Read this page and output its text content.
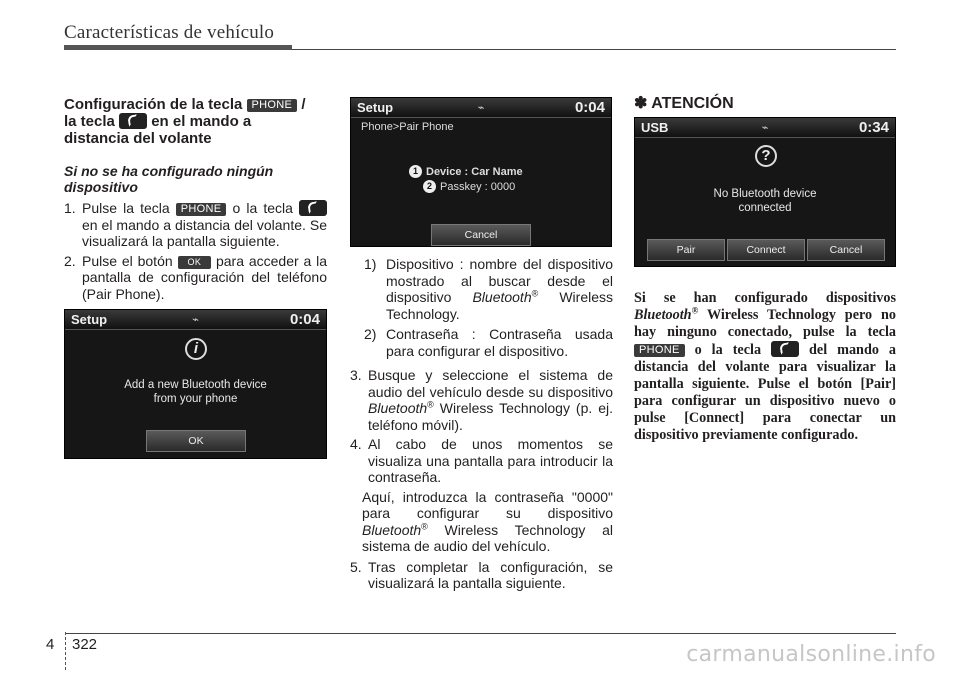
Características de vehículo
Configuración de la tecla PHONE /
la tecla en el mando a
distancia del volante
Si no se ha configurado ningún dispositivo
1. Pulse la tecla PHONE o la tecla
en el mando a distancia del volante. Se visualizará la pantalla siguiente.
2. Pulse el botón OK para acceder a la pantalla de configuración del teléfono (Pair Phone).
Setup	⌁	0:04
i
Add a new Bluetooth device
from your phone
OK
Setup	⌁	0:04
Phone>Pair Phone
1 Device : Car Name
2 Passkey : 0000
Cancel
1) Dispositivo : nombre del dispositivo mostrado al buscar desde el dispositivo Bluetooth® Wireless Technology.
2) Contraseña : Contraseña usada para configurar el dispositivo.
3. Busque y seleccione el sistema de audio del vehículo desde su dispositivo Bluetooth® Wireless Technology (p. ej. teléfono móvil).
4. Al cabo de unos momentos se visualiza una pantalla para introducir la contraseña.
Aquí, introduzca la contraseña "0000" para configurar su dispositivo Bluetooth® Wireless Technology al sistema de audio del vehículo.
5. Tras completar la configuración, se visualizará la pantalla siguiente.
✽ ATENCIÓN
USB	⌁	0:34
?
No Bluetooth device
connected
Pair	Connect	Cancel
Si se han configurado dispositivos Bluetooth® Wireless Technology pero no hay ninguno conectado, pulse la tecla PHONE o la tecla	del mando a distancia del volante para visualizar la pantalla siguiente. Pulse el botón [Pair] para configurar un dispositivo nuevo o pulse [Connect] para conectar un dispositivo previamente configurado.
4 322	carmanualsonline.info
